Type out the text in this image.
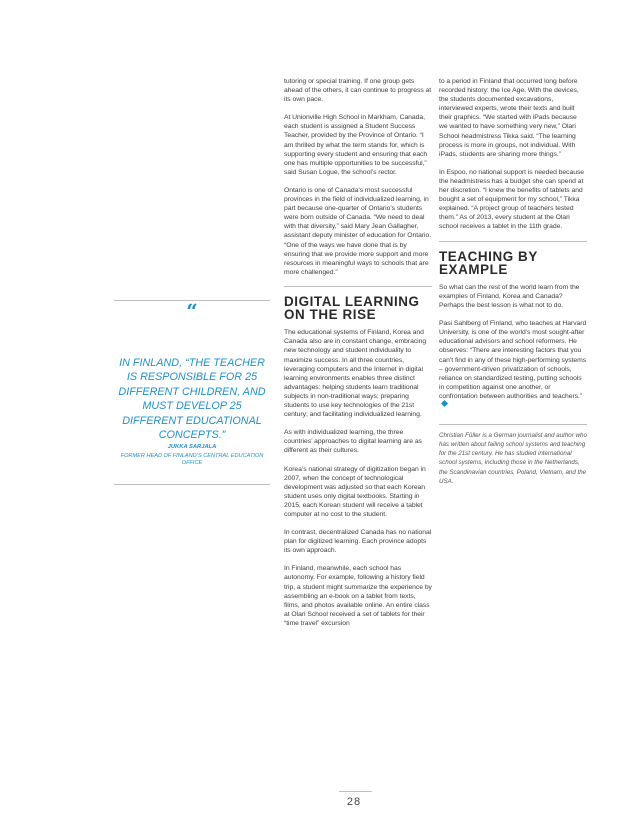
“
IN FINLAND, “THE TEACHER IS RESPONSIBLE FOR 25 DIFFERENT CHILDREN, AND MUST DEVELOP 25 DIFFERENT EDUCATIONAL CONCEPTS.”
JUKKA SARJALA
FORMER HEAD OF FINLAND’S CENTRAL EDUCATION OFFICE

tutoring or special training. If one group gets ahead of the others, it can continue to progress at its own pace.

At Unionville High School in Markham, Canada, each student is assigned a Student Success Teacher, provided by the Province of Ontario. “I am thrilled by what the term stands for, which is supporting every student and ensuring that each one has multiple opportunities to be successful,” said Susan Logue, the school’s rector.

Ontario is one of Canada’s most successful provinces in the field of individualized learning, in part because one-quarter of Ontario’s students were born outside of Canada. “We need to deal with that diversity,” said Mary Jean Gallagher, assistant deputy minister of education for Ontario. “One of the ways we have done that is by ensuring that we provide more support and more resources in meaningful ways to schools that are more challenged.”

DIGITAL LEARNING ON THE RISE

The educational systems of Finland, Korea and Canada also are in constant change, embracing new technology and student individuality to maximize success. In all three countries, leveraging computers and the Internet in digital learning environments enables three distinct advantages: helping students learn traditional subjects in non-traditional ways; preparing students to use key technologies of the 21st century; and facilitating individualized learning.

As with individualized learning, the three countries’ approaches to digital learning are as different as their cultures.

Korea’s national strategy of digitization began in 2007, when the concept of technological development was adjusted so that each Korean student uses only digital textbooks. Starting in 2015, each Korean student will receive a tablet computer at no cost to the student.

In contrast, decentralized Canada has no national plan for digitized learning. Each province adopts its own approach.

In Finland, meanwhile, each school has autonomy. For example, following a history field trip, a student might summarize the experience by assembling an e-book on a tablet from texts, films, and photos available online. An entire class at Olari School received a set of tablets for their “time travel” excursion

to a period in Finland that occurred long before recorded history: the Ice Age. With the devices, the students documented excavations, interviewed experts, wrote their texts and built their graphics. “We started with iPads because we wanted to have something very new,” Olari School headmistress Tikka said. “The learning process is more in groups, not individual. With iPads, students are sharing more things.”

In Espoo, no national support is needed because the headmistress has a budget she can spend at her discretion. “I knew the benefits of tablets and bought a set of equipment for my school,” Tikka explained. “A project group of teachers tested them.” As of 2013, every student at the Olari school receives a tablet in the 11th grade.

TEACHING BY EXAMPLE

So what can the rest of the world learn from the examples of Finland, Korea and Canada? Perhaps the best lesson is what not to do.

Pasi Sahlberg of Finland, who teaches at Harvard University, is one of the world’s most sought-after educational advisors and school reformers. He observes: “There are interesting factors that you can’t find in any of these high-performing systems – government-driven privatization of schools, reliance on standardized testing, putting schools in competition against one another, or confrontation between authorities and teachers.”

Christian Füller is a German journalist and author who has written about failing school systems and teaching for the 21st century. He has studied international school systems, including those in the Netherlands, the Scandinavian countries, Poland, Vietnam, and the USA.

28
